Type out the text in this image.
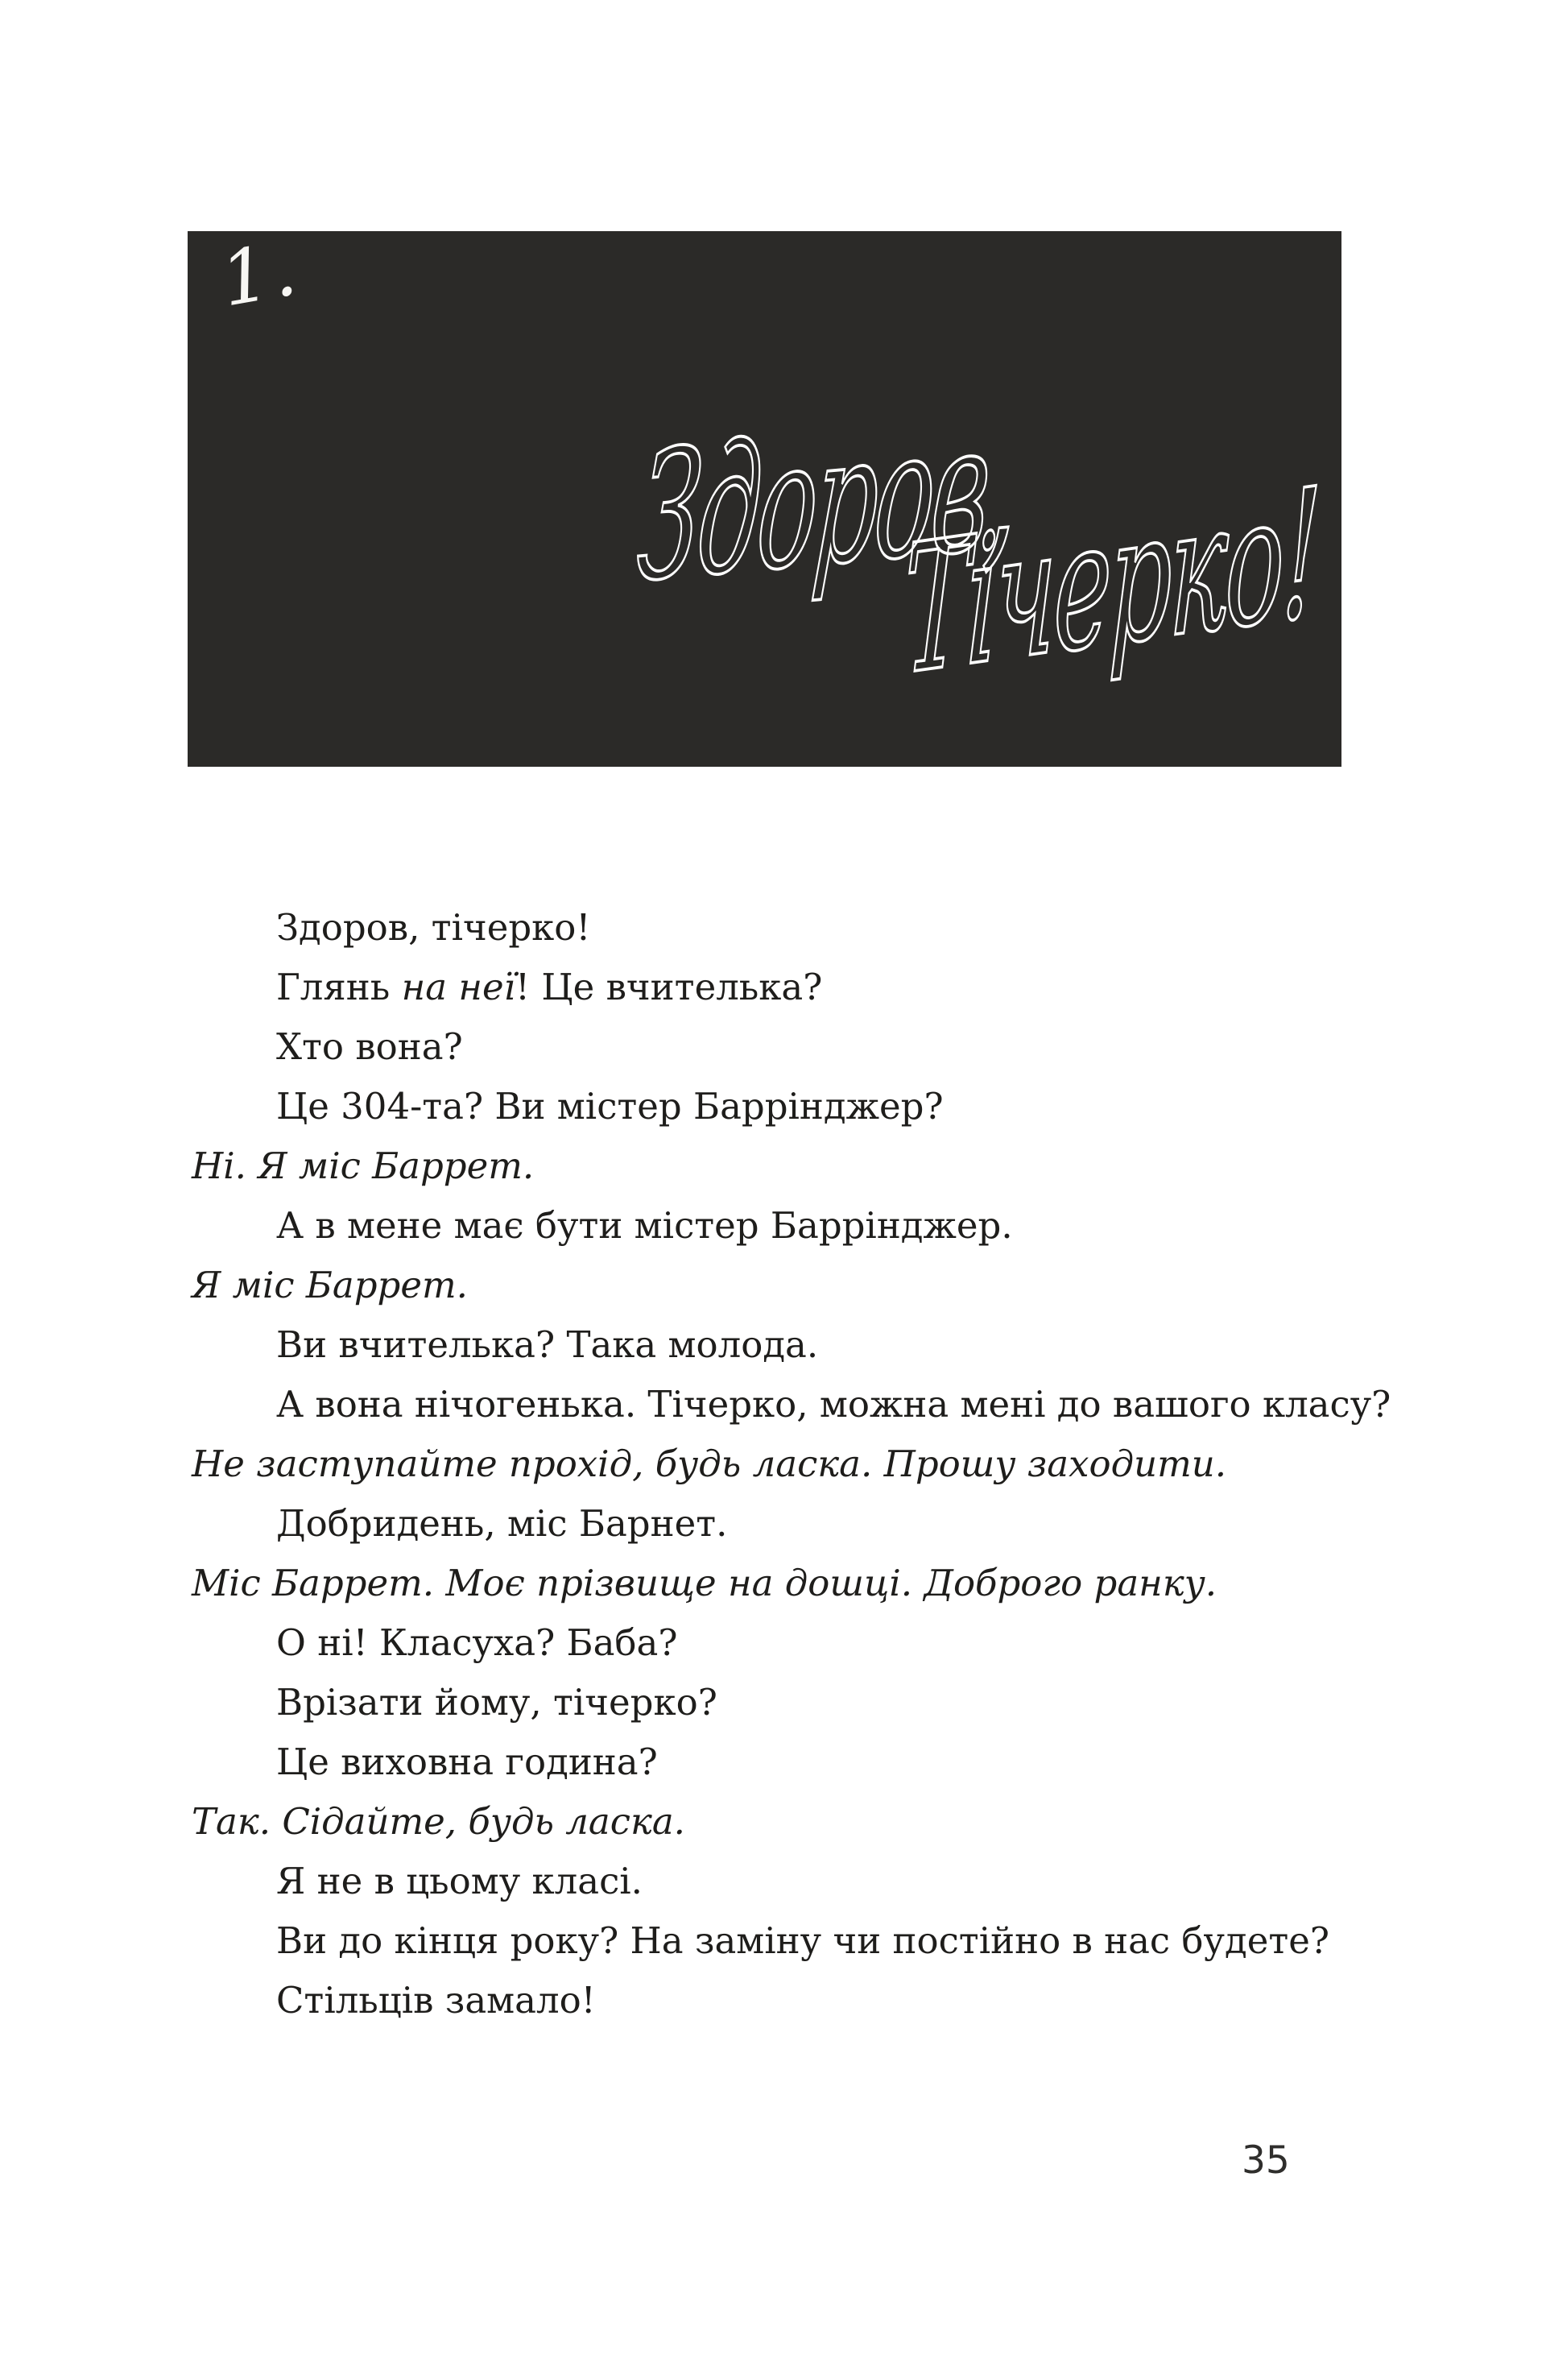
1.
Здоров,
Тічерко!

Здоров, тічерко!

Глянь на неї! Це вчителька?

Хто вона?

Це 304-та? Ви містер Баррінджер?

Ні. Я міс Баррет.

А в мене має бути містер Баррінджер.

Я міс Баррет.

Ви вчителька? Така молода.

А вона нічогенька. Тічерко, можна мені до вашого класу?

Не заступайте прохід, будь ласка. Прошу заходити.

Добридень, міс Барнет.

Міс Баррет. Моє прізвище на дошці. Доброго ранку.

О ні! Класуха? Баба?

Врізати йому, тічерко?

Це виховна година?

Так. Сідайте, будь ласка.

Я не в цьому класі.

Ви до кінця року? На заміну чи постійно в нас будете?

Стільців замало!

35
